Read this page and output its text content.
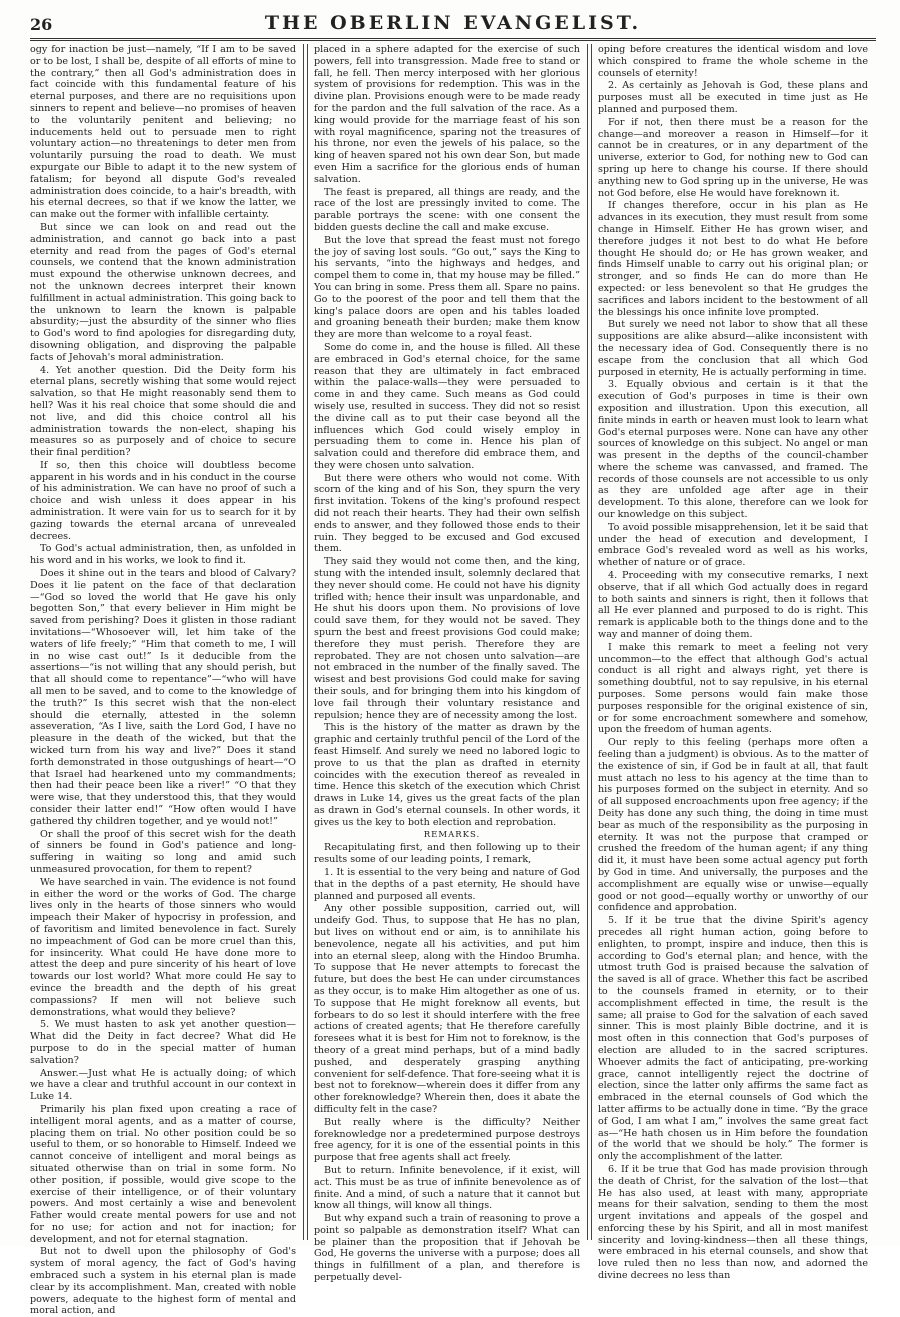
26	THE OBERLIN EVANGELIST.

ogy for inaction be just—namely, “If I am to be saved or to be lost, I shall be, despite of all efforts of mine to the contrary,” then all God's administration does in fact coincide with this fundamental feature of his eternal purposes, and there are no requisitions upon sinners to repent and believe—no promises of heaven to the voluntarily penitent and believing; no inducements held out to persuade men to right voluntary action—no threatenings to deter men from voluntarily pursuing the road to death. We must expurgate our Bible to adapt it to the new system of fatalism; for beyond all dispute God's revealed administration does coincide, to a hair's breadth, with his eternal decrees, so that if we know the latter, we can make out the former with infallible certainty.

But since we can look on and read out the administration, and cannot go back into a past eternity and read from the pages of God's eternal counsels, we contend that the known administration must expound the otherwise unknown decrees, and not the unknown decrees interpret their known fulfillment in actual administration. This going back to the unknown to learn the known is palpable absurdity;—just the absurdity of the sinner who flies to God's word to find apologies for disregarding duty, disowning obligation, and disproving the palpable facts of Jehovah's moral administration.

4. Yet another question. Did the Deity form his eternal plans, secretly wishing that some would reject salvation, so that He might reasonably send them to hell? Was it his real choice that some should die and not live, and did this choice control all his administration towards the non-elect, shaping his measures so as purposely and of choice to secure their final perdition?

If so, then this choice will doubtless become apparent in his words and in his conduct in the course of his administration. We can have no proof of such a choice and wish unless it does appear in his administration. It were vain for us to search for it by gazing towards the eternal arcana of unrevealed decrees.

To God's actual administration, then, as unfolded in his word and in his works, we look to find it.

Does it shine out in the tears and blood of Calvary? Does it lie patent on the face of that declaration—“God so loved the world that He gave his only begotten Son,” that every believer in Him might be saved from perishing? Does it glisten in those radiant invitations—“Whosoever will, let him take of the waters of life freely;” “Him that cometh to me, I will in no wise cast out!” Is it deducible from the assertions—“is not willing that any should perish, but that all should come to repentance”—“who will have all men to be saved, and to come to the knowledge of the truth?” Is this secret wish that the non-elect should die eternally, attested in the solemn asseveration, “As I live, saith the Lord God, I have no pleasure in the death of the wicked, but that the wicked turn from his way and live?” Does it stand forth demonstrated in those outgushings of heart—“O that Israel had hearkened unto my commandments; then had their peace been like a river!” “O that they were wise, that they understood this, that they would consider their latter end!” “How often would I have gathered thy children together, and ye would not!”

Or shall the proof of this secret wish for the death of sinners be found in God's patience and long-suffering in waiting so long and amid such unmeasured provocation, for them to repent?

We have searched in vain. The evidence is not found in either the word or the works of God. The charge lives only in the hearts of those sinners who would impeach their Maker of hypocrisy in profession, and of favoritism and limited benevolence in fact. Surely no impeachment of God can be more cruel than this, for insincerity. What could He have done more to attest the deep and pure sincerity of his heart of love towards our lost world? What more could He say to evince the breadth and the depth of his great compassions? If men will not believe such demonstrations, what would they believe?

5. We must hasten to ask yet another question—What did the Deity in fact decree? What did He purpose to do in the special matter of human salvation?

Answer.—Just what He is actually doing; of which we have a clear and truthful account in our context in Luke 14.

Primarily his plan fixed upon creating a race of intelligent moral agents, and as a matter of course, placing them on trial. No other position could be so useful to them, or so honorable to Himself. Indeed we cannot conceive of intelligent and moral beings as situated otherwise than on trial in some form. No other position, if possible, would give scope to the exercise of their intelligence, or of their voluntary powers. And most certainly a wise and benevolent Father would create mental powers for use and not for no use; for action and not for inaction; for development, and not for eternal stagnation.

But not to dwell upon the philosophy of God's system of moral agency, the fact of God's having embraced such a system in his eternal plan is made clear by its accomplishment. Man, created with noble powers, adequate to the highest form of mental and moral action, and

placed in a sphere adapted for the exercise of such powers, fell into transgression. Made free to stand or fall, he fell. Then mercy interposed with her glorious system of provisions for redemption. This was in the divine plan. Provisions enough were to be made ready for the pardon and the full salvation of the race. As a king would provide for the marriage feast of his son with royal magnificence, sparing not the treasures of his throne, nor even the jewels of his palace, so the king of heaven spared not his own dear Son, but made even Him a sacrifice for the glorious ends of human salvation.

The feast is prepared, all things are ready, and the race of the lost are pressingly invited to come. The parable portrays the scene: with one consent the bidden guests decline the call and make excuse.

But the love that spread the feast must not forego the joy of saving lost souls. “Go out,” says the King to his servants, “into the highways and hedges, and compel them to come in, that my house may be filled.” You can bring in some. Press them all. Spare no pains. Go to the poorest of the poor and tell them that the king's palace doors are open and his tables loaded and groaning beneath their burden; make them know they are more than welcome to a royal feast.

Some do come in, and the house is filled. All these are embraced in God's eternal choice, for the same reason that they are ultimately in fact embraced within the palace-walls—they were persuaded to come in and they came. Such means as God could wisely use, resulted in success. They did not so resist the divine call as to put their case beyond all the influences which God could wisely employ in persuading them to come in. Hence his plan of salvation could and therefore did embrace them, and they were chosen unto salvation.

But there were others who would not come. With scorn of the king and of his Son, they spurn the very first invitation. Tokens of the king's profound respect did not reach their hearts. They had their own selfish ends to answer, and they followed those ends to their ruin. They begged to be excused and God excused them.

They said they would not come then, and the king, stung with the intended insult, solemnly declared that they never should come. He could not have his dignity trifled with; hence their insult was unpardonable, and He shut his doors upon them. No provisions of love could save them, for they would not be saved. They spurn the best and freest provisions God could make; therefore they must perish. Therefore they are reprobated. They are not chosen unto salvation—are not embraced in the number of the finally saved. The wisest and best provisions God could make for saving their souls, and for bringing them into his kingdom of love fail through their voluntary resistance and repulsion; hence they are of necessity among the lost.

This is the history of the matter as drawn by the graphic and certainly truthful pencil of the Lord of the feast Himself. And surely we need no labored logic to prove to us that the plan as drafted in eternity coincides with the execution thereof as revealed in time. Hence this sketch of the execution which Christ draws in Luke 14, gives us the great facts of the plan as drawn in God's eternal counsels. In other words, it gives us the key to both election and reprobation.

REMARKS.

Recapitulating first, and then following up to their results some of our leading points, I remark,

1. It is essential to the very being and nature of God that in the depths of a past eternity, He should have planned and purposed all events.

Any other possible supposition, carried out, will undeify God. Thus, to suppose that He has no plan, but lives on without end or aim, is to annihilate his benevolence, negate all his activities, and put him into an eternal sleep, along with the Hindoo Brumha. To suppose that He never attempts to forecast the future, but does the best He can under circumstances as they occur, is to make Him altogether as one of us. To suppose that He might foreknow all events, but forbears to do so lest it should interfere with the free actions of created agents; that He therefore carefully foresees what it is best for Him not to foreknow, is the theory of a great mind perhaps, but of a mind badly pushed, and desperately grasping anything convenient for self-defence. That fore-seeing what it is best not to foreknow—wherein does it differ from any other foreknowledge? Wherein then, does it abate the difficulty felt in the case?

But really where is the difficulty? Neither foreknowledge nor a predetermined purpose destroys free agency, for it is one of the essential points in this purpose that free agents shall act freely.

But to return. Infinite benevolence, if it exist, will act. This must be as true of infinite benevolence as of finite. And a mind, of such a nature that it cannot but know all things, will know all things.

But why expand such a train of reasoning to prove a point so palpable as demonstration itself? What can be plainer than the proposition that if Jehovah be God, He governs the universe with a purpose; does all things in fulfillment of a plan, and therefore is perpetually devel-

oping before creatures the identical wisdom and love which conspired to frame the whole scheme in the counsels of eternity!

2. As certainly as Jehovah is God, these plans and purposes must all be executed in time just as He planned and purposed them.

For if not, then there must be a reason for the change—and moreover a reason in Himself—for it cannot be in creatures, or in any department of the universe, exterior to God, for nothing new to God can spring up here to change his course. If there should anything new to God spring up in the universe, He was not God before, else He would have foreknown it.

If changes therefore, occur in his plan as He advances in its execution, they must result from some change in Himself. Either He has grown wiser, and therefore judges it not best to do what He before thought He should do; or He has grown weaker, and finds Himself unable to carry out his original plan; or stronger, and so finds He can do more than He expected: or less benevolent so that He grudges the sacrifices and labors incident to the bestowment of all the blessings his once infinite love prompted.

But surely we need not labor to show that all these suppositions are alike absurd—alike inconsistent with the necessary idea of God. Consequently there is no escape from the conclusion that all which God purposed in eternity, He is actually performing in time.

3. Equally obvious and certain is it that the execution of God's purposes in time is their own exposition and illustration. Upon this execution, all finite minds in earth or heaven must look to learn what God's eternal purposes were. None can have any other sources of knowledge on this subject. No angel or man was present in the depths of the council-chamber where the scheme was canvassed, and framed. The records of those counsels are not accessible to us only as they are unfolded age after age in their development. To this alone, therefore can we look for our knowledge on this subject.

To avoid possible misapprehension, let it be said that under the head of execution and development, I embrace God's revealed word as well as his works, whether of nature or of grace.

4. Proceeding with my consecutive remarks, I next observe, that if all which God actually does in regard to both saints and sinners is right, then it follows that all He ever planned and purposed to do is right. This remark is applicable both to the things done and to the way and manner of doing them.

I make this remark to meet a feeling not very uncommon—to the effect that although God's actual conduct is all right and always right, yet there is something doubtful, not to say repulsive, in his eternal purposes. Some persons would fain make those purposes responsible for the original existence of sin, or for some encroachment somewhere and somehow, upon the freedom of human agents.

Our reply to this feeling (perhaps more often a feeling than a judgment) is obvious. As to the matter of the existence of sin, if God be in fault at all, that fault must attach no less to his agency at the time than to his purposes formed on the subject in eternity. And so of all supposed encroachments upon free agency; if the Deity has done any such thing, the doing in time must bear as much of the responsibility as the purposing in eternity. It was not the purpose that cramped or crushed the freedom of the human agent; if any thing did it, it must have been some actual agency put forth by God in time. And universally, the purposes and the accomplishment are equally wise or unwise—equally good or not good—equally worthy or unworthy of our confidence and approbation.

5. If it be true that the divine Spirit's agency precedes all right human action, going before to enlighten, to prompt, inspire and induce, then this is according to God's eternal plan; and hence, with the utmost truth God is praised because the salvation of the saved is all of grace. Whether this fact be ascribed to the counsels framed in eternity, or to their accomplishment effected in time, the result is the same; all praise to God for the salvation of each saved sinner. This is most plainly Bible doctrine, and it is most often in this connection that God's purposes of election are alluded to in the sacred scriptures. Whoever admits the fact of anticipating, pre-working grace, cannot intelligently reject the doctrine of election, since the latter only affirms the same fact as embraced in the eternal counsels of God which the latter affirms to be actually done in time. “By the grace of God, I am what I am,” involves the same great fact as—“He hath chosen us in Him before the foundation of the world that we should be holy.” The former is only the accomplishment of the latter.

6. If it be true that God has made provision through the death of Christ, for the salvation of the lost—that He has also used, at least with many, appropriate means for their salvation, sending to them the most urgent invitations and appeals of the gospel and enforcing these by his Spirit, and all in most manifest sincerity and loving-kindness—then all these things, were embraced in his eternal counsels, and show that love ruled then no less than now, and adorned the divine decrees no less than
